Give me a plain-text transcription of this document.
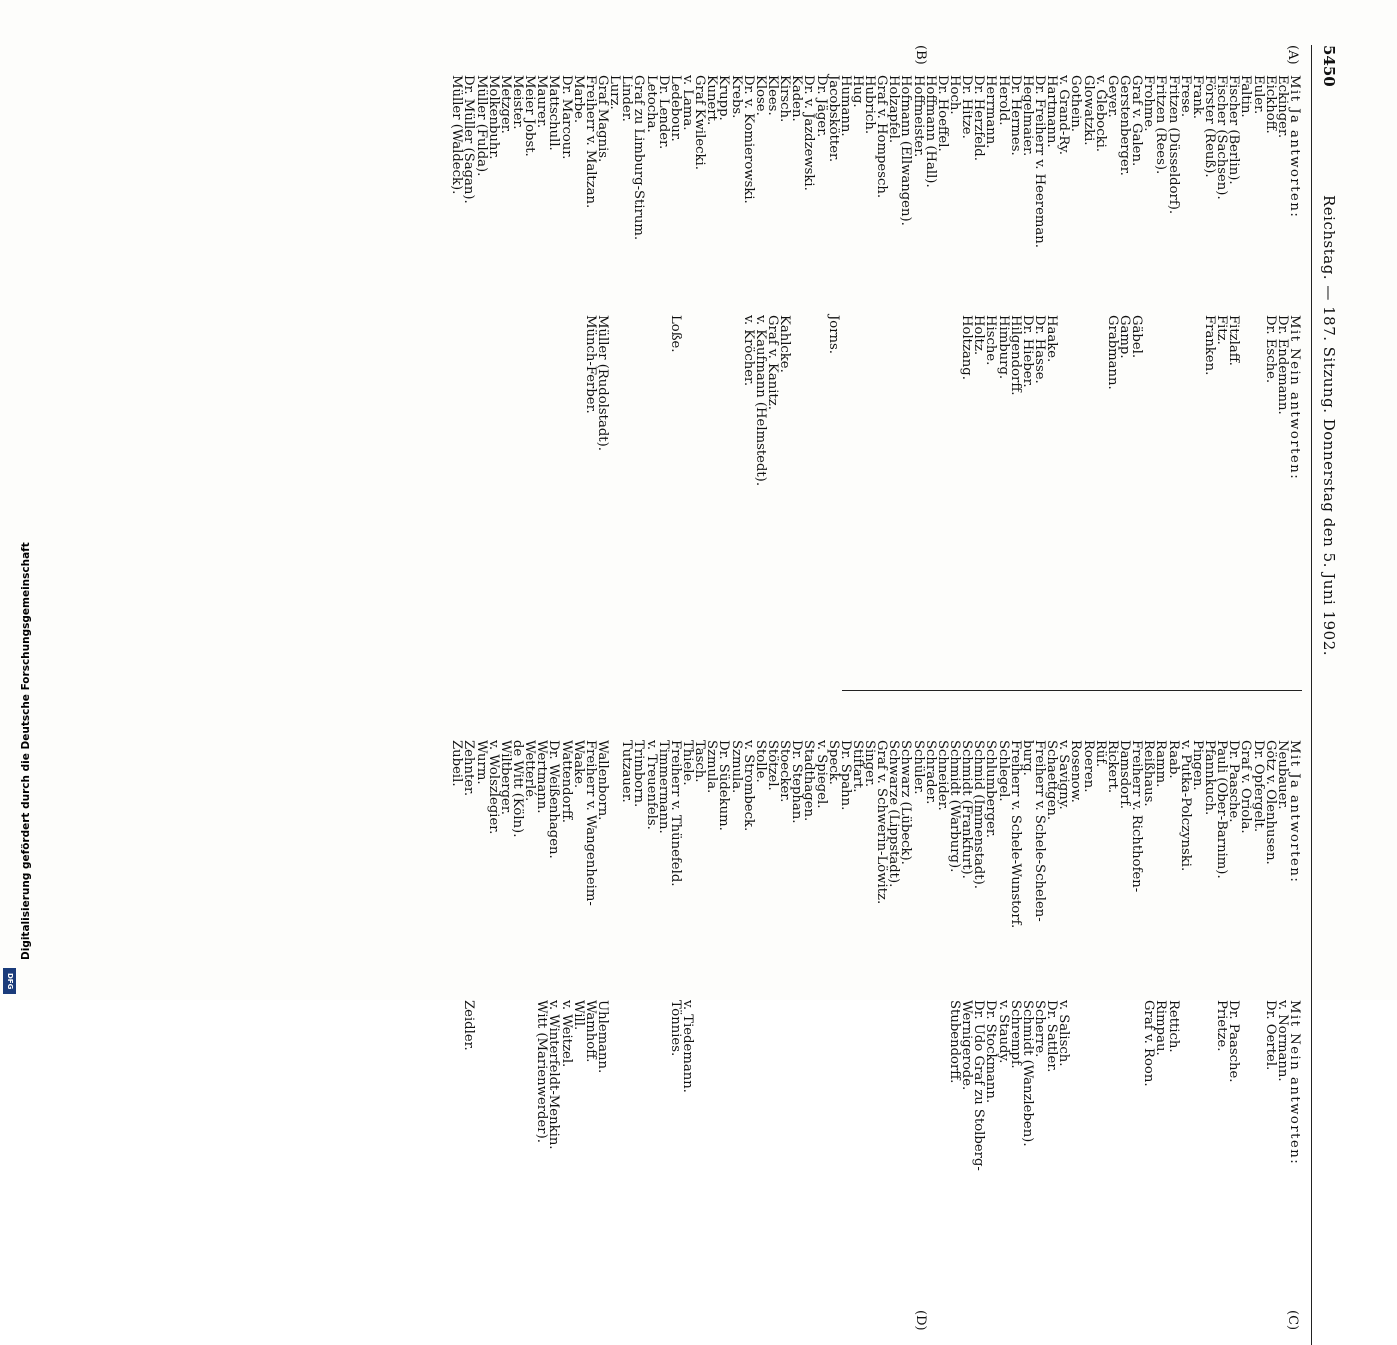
5450
Reichstag. — 187. Sitzung. Donnerstag den 5. Juni 1902.
(A)
(B)
(C)
(D)
Mit Ja antworten:
Eckinger.
Eickhoff.
Euler.
Faltin.
Fischer (Berlin).
Fischer (Sachsen).
Förster (Reuß).
Frank.
Frese.
Fritzen (Düsseldorf).
Fritzen (Rees).
Frohme.
Graf v. Galen.
Gerstenberger.
Geyer.
v. Glebocki.
Glowatzki.
Gothein.
v. Grand-Ry.
Hartmann.
Dr. Freiherr v. Heereman.
Hegelmaier.
Dr. Hermes.
Herold.
Herrmann.
Dr. Herzfeld.
Dr. Hitze.
Hoch.
Dr. Hoeffel.
Hoffmann (Hall).
Hoffmeister.
Hofmann (Ellwangen).
Holzapfel.
Graf v. Hompesch.
Hubrich.
Hug.
Humann.
Jacobskötter.
Dr. Jäger.
Dr. v. Jazdzewski.
Kaden.
Kirsch.
Klees.
Klose.
Dr. v. Komierowski.
Krebs.
Krupp.
Kunert.
Graf Kwilecki.
v. Lama.
Ledebour.
Dr. Lender.
Letocha.
Graf zu Limburg-Stirum.
Linder.
Lurz.
Graf Magnis.
Freiherr v. Maltzan.
Marbe.
Dr. Marcour.
Mattschull.
Maurer.
Meier Jobst.
Meister.
Metzger.
Molkenbuhr.
Müller (Fulda).
Dr. Müller (Sagan).
Müller (Waldeck).
Mit Nein antworten:
Dr. Endemann.
Dr. Esche.
Fitzlaff.
Fitz.
Franken.
Gäbel.
Gamp.
Grabmann.
Haake.
Dr. Hasse.
Dr. Hieber.
Hilgendorff.
Himburg.
Hische.
Holtz.
Holtzang.
Jorns.
Kahlcke.
Graf v. Kanitz.
v. Kaufmann (Helmstedt).
v. Kröcher.
Loße.
Müller (Rudolstadt).
Münch-Ferber.
Mit Ja antworten:
Neubauer.
Götz v. Olenhusen.
Dr. Opfergelt.
Graf v. Oriola.
Dr. Paasche.
Pauli (Ober-Barnim).
Pfannkuch.
Pingen.
v. Putka-Polczynski.
Raab.
Ramm.
Reißhaus.
Freiherr v. Richthofen-
Damsdorf.
Rickert.
Rüf.
Roeren.
Rosenow.
v. Savigny.
Schaettgen.
Freiherr v. Schele-Schelen-
burg.
Freiherr v. Schele-Wunstorf.
Schlegel.
Schlumberger.
Schmid (Immenstadt).
Schmidt (Frankfurt).
Schmidt (Warburg).
Schneider.
Schrader.
Schüler.
Schwarz (Lübeck).
Schwarze (Lippstadt).
Graf v. Schwerin-Löwitz.
Singer.
Stiftart.
Dr. Spahn.
Speck.
v. Spiegel.
Stadthagen.
Dr. Stephan.
Stoecker.
Stötzel.
Stolle.
v. Strombeck.
Szmula.
Dr. Südekum.
Szmula.
Tasch.
Thiele.
Freiherr v. Thünefeld.
Timmermann.
v. Treuenfels.
Trimborn.
Tutzauer.
Wallenborn.
Freiherr v. Wangenheim-
Waake.
Wattendorff.
Dr. Weißenhagen.
Wertmann.
Wetterlé.
de Witt (Köln).
Wiltberger.
v. Wolszlegier.
Wurm.
Zehnter.
Zubeil.
Mit Nein antworten:
v. Normann.
Dr. Oertel.
Dr. Paasche.
Prietze.
Rettich.
Rimpau.
Graf v. Roon.
v. Salisch.
Dr. Sattler.
Scherre.
Schmidt (Wanzleben).
Schrempf.
v. Staudy.
Dr. Stockmann.
Dr. Udo Graf zu Stolberg-
Wernigerode.
Stubendorff.
v. Tiedemann.
Tönnies.
Uhlemann.
Wamhoff.
Will.
v. Weitzel.
v. Winterfeldt-Menkin.
Witt (Marienwerder).
Zeidler.
Digitalisierung gefördert durch die Deutsche Forschungsgemeinschaft
DFG
